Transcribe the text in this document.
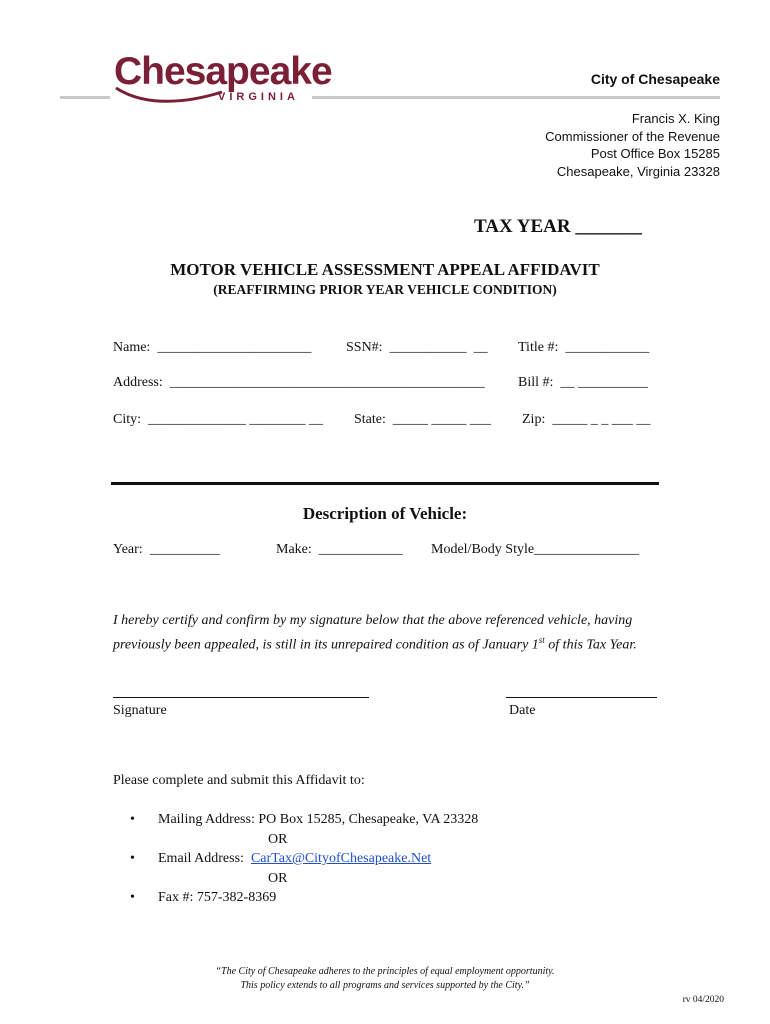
Chesapeake
VIRGINIA
City of Chesapeake
Francis X. King
Commissioner of the Revenue
Post Office Box 15285
Chesapeake, Virginia 23328
TAX YEAR _______
MOTOR VEHICLE ASSESSMENT APPEAL AFFIDAVIT
(REAFFIRMING PRIOR YEAR VEHICLE CONDITION)
Name:  ______________________ SSN#:  ___________  __ Title #:  ____________
Address:  _____________________________________________ Bill #:  __ __________
City:  ______________ ________ __ State:  _____ _____ ___ Zip:  _____ _ _ ___ __
Description of Vehicle:
Year:  __________	Make:  ____________ Model/Body Style_______________
I hereby certify and confirm by my signature below that the above referenced vehicle, having previously been appealed, is still in its unrepaired condition as of January 1st of this Tax Year.
Signature	Date
Please complete and submit this Affidavit to:
•	Mailing Address: PO Box 15285, Chesapeake, VA 23328
OR
•	Email Address: CarTax@CityofChesapeake.Net
OR
•	Fax #: 757-382-8369
“The City of Chesapeake adheres to the principles of equal employment opportunity.
This policy extends to all programs and services supported by the City.”
rv 04/2020
